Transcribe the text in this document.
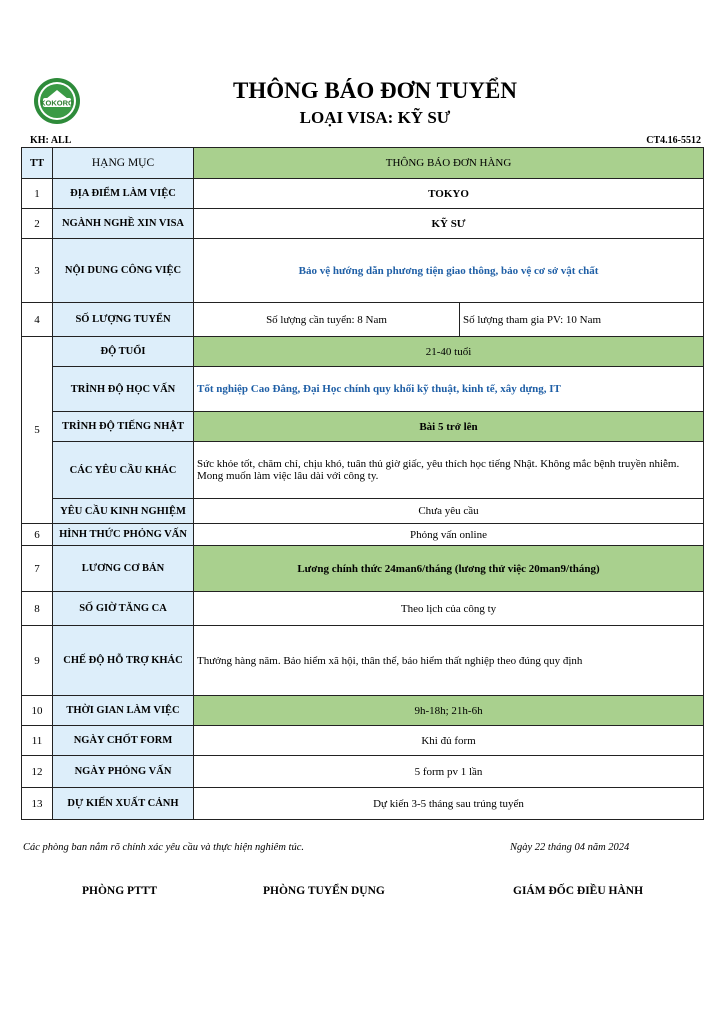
KOKORO	THÔNG BÁO ĐƠN TUYỂN
LOẠI VISA: KỸ SƯ
KH: ALL	CT4.16-5512
TT	HẠNG MỤC	THÔNG BÁO ĐƠN HÀNG	
1	ĐỊA ĐIỂM LÀM VIỆC	TOKYO	
2	NGÀNH NGHỀ XIN VISA	KỸ SƯ	
3	NỘI DUNG CÔNG VIỆC	Bảo vệ hướng dẫn phương tiện giao thông, bảo vệ cơ sở vật chất	
4	SỐ LƯỢNG TUYỂN	Số lượng cần tuyển: 8 Nam	Số lượng tham gia PV: 10 Nam
5	ĐỘ TUỔI	21-40 tuổi	
	TRÌNH ĐỘ HỌC VẤN	Tốt nghiệp Cao Đẳng, Đại Học chính quy khối kỹ thuật, kinh tế, xây dựng, IT	
	TRÌNH ĐỘ TIẾNG NHẬT	Bài 5 trở lên	
	CÁC YÊU CẦU KHÁC	Sức khỏe tốt, chăm chỉ, chịu khó, tuân thủ giờ giấc, yêu thích học tiếng Nhật. Không mắc bệnh truyền nhiễm.
Mong muốn làm việc lâu dài với công ty.	

	YÊU CẦU KINH NGHIỆM	Chưa yêu cầu	
6	HÌNH THỨC PHỎNG VẤN	Phỏng vấn online	
7	LƯƠNG CƠ BẢN	Lương chính thức 24man6/tháng (lương thử việc 20man9/tháng)	
8	SỐ GIỜ TĂNG CA	Theo lịch của công ty	
9	CHẾ ĐỘ HỖ TRỢ KHÁC	Thưởng hàng năm. Bảo hiểm xã hội, thân thể, bảo hiểm thất nghiệp theo đúng quy định	
10	THỜI GIAN LÀM VIỆC	9h-18h; 21h-6h	
11	NGÀY CHỐT FORM	Khi đủ form	
12	NGÀY PHỎNG VẤN	5 form pv 1 lần	
13	DỰ KIẾN XUẤT CẢNH	Dự kiến 3-5 tháng sau trúng tuyển	
Các phòng ban nắm rõ chính xác yêu cầu và thực hiện nghiêm túc.	Ngày 22 tháng 04 năm 2024
PHÒNG PTTT	PHÒNG TUYỂN DỤNG	GIÁM ĐỐC ĐIỀU HÀNH
